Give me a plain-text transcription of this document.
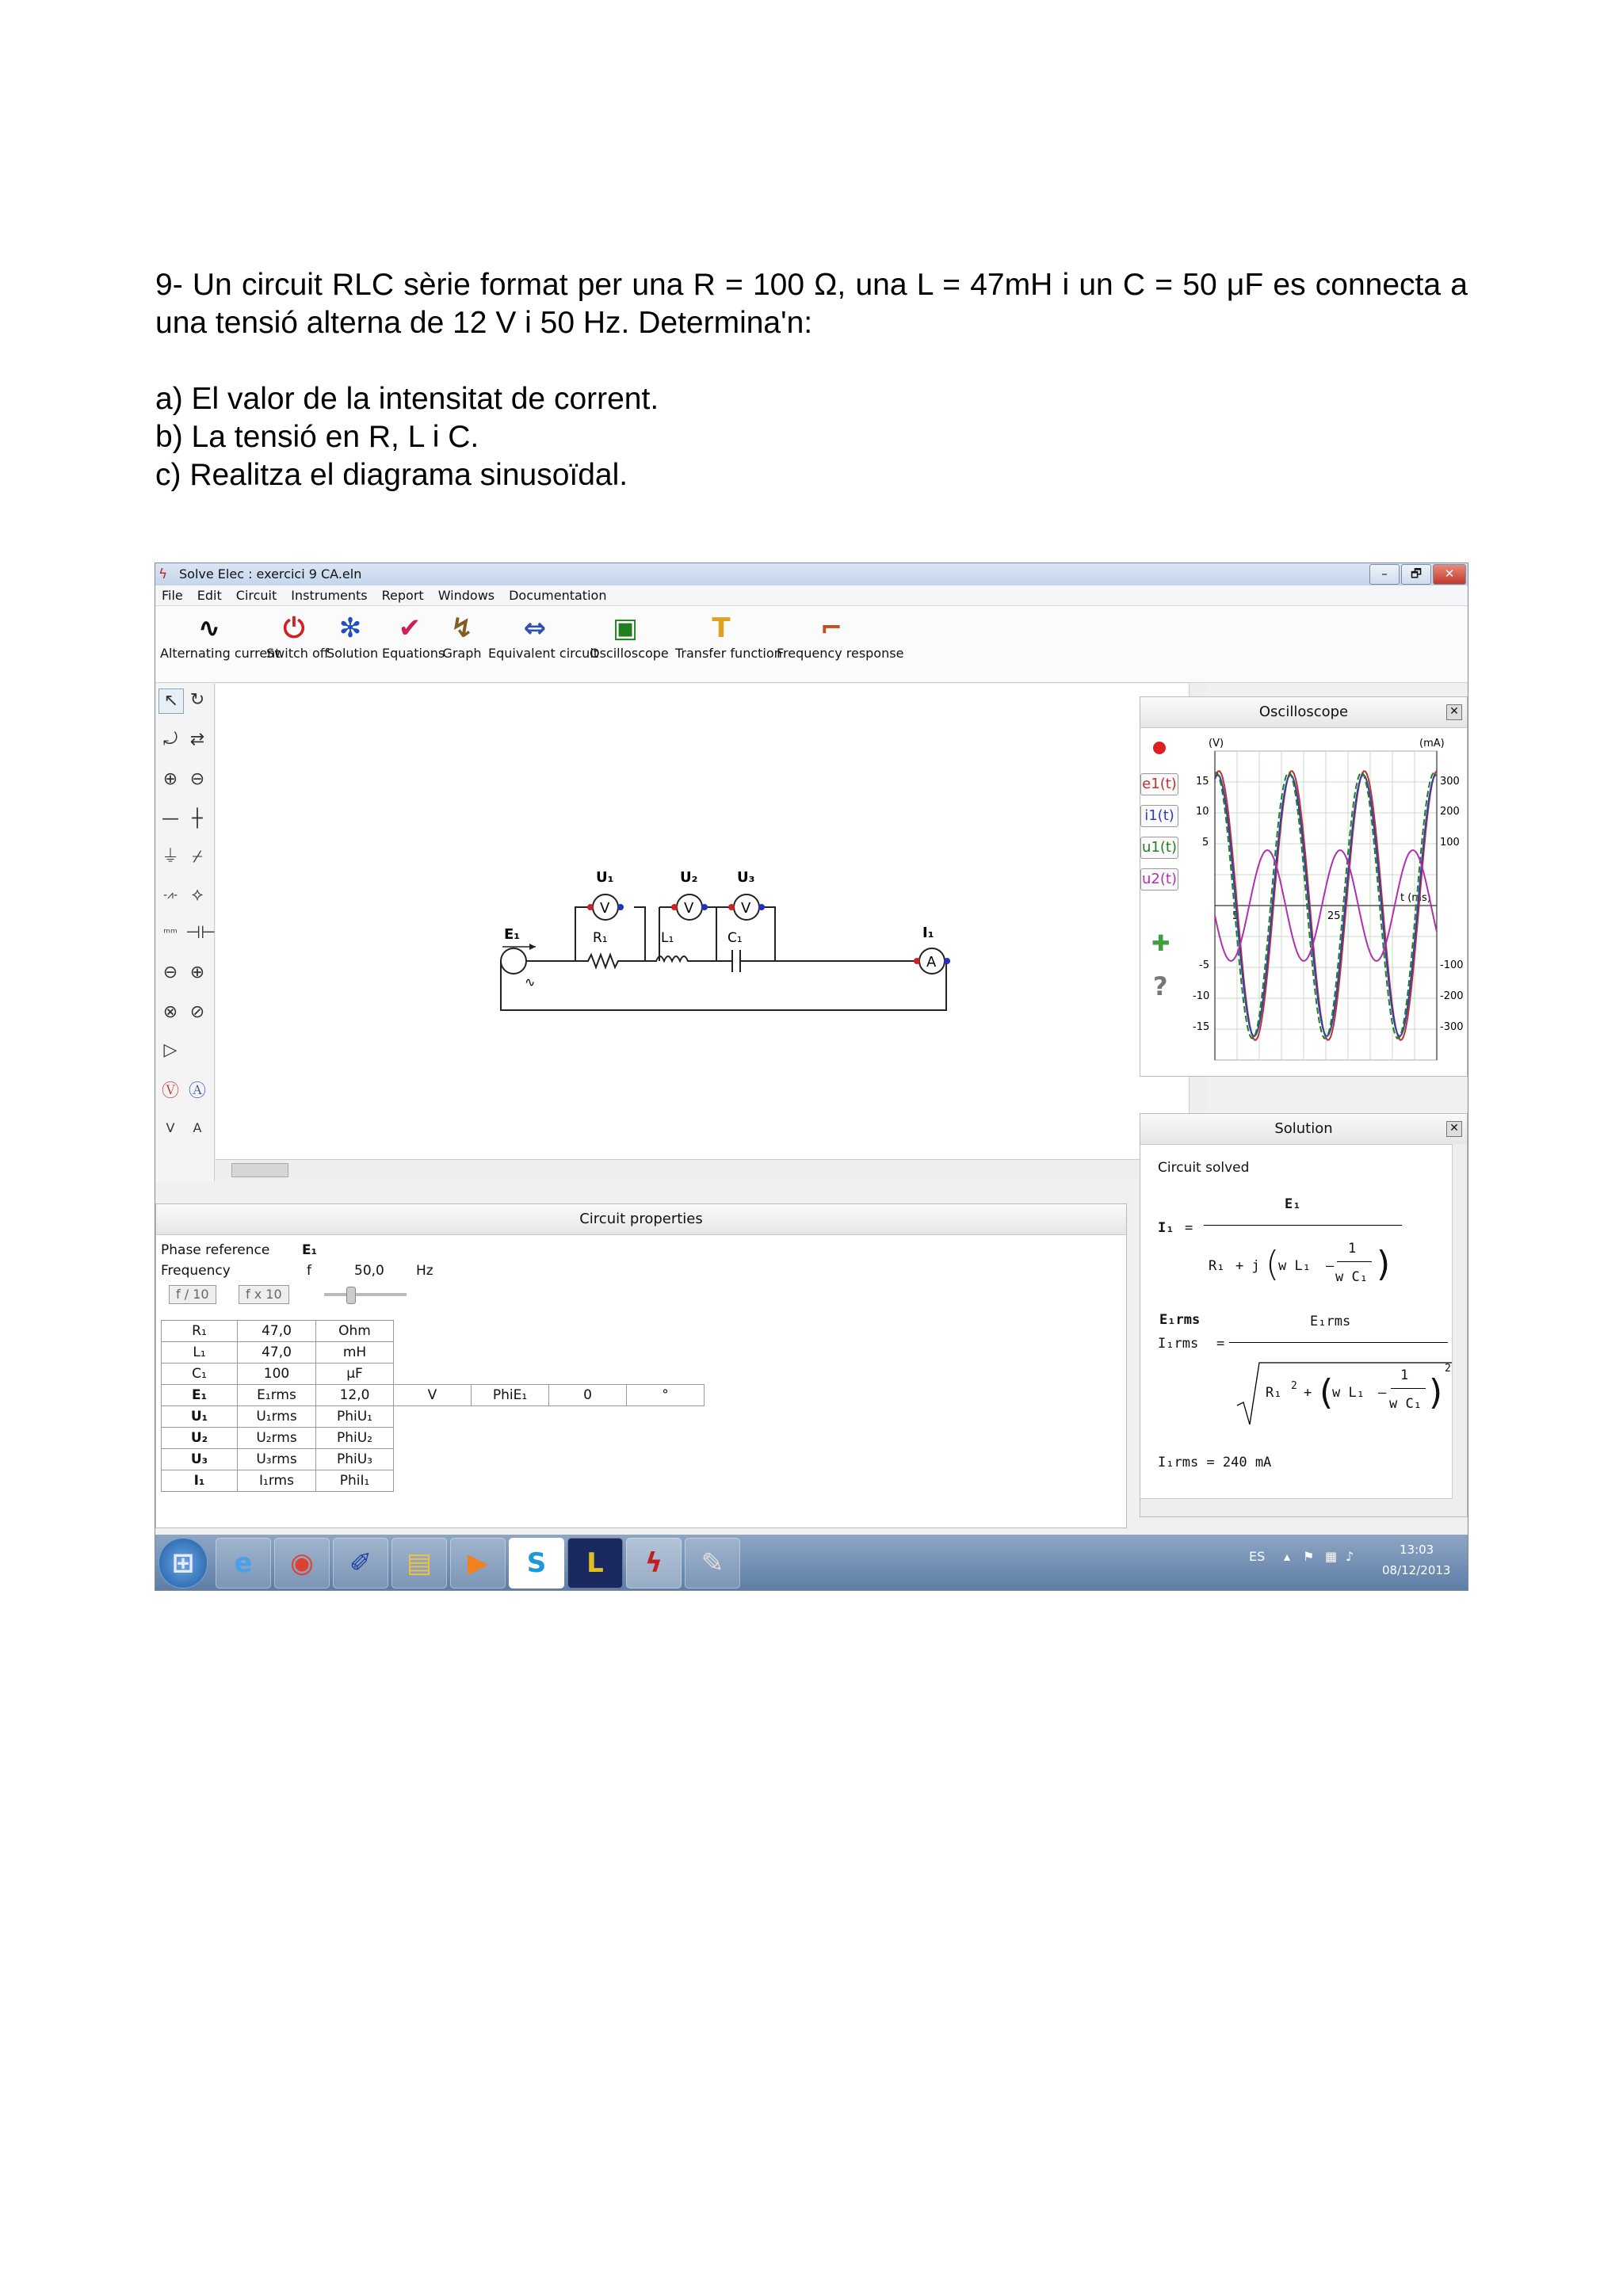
9- Un circuit RLC sèrie format per una R = 100 Ω, una L = 47mH i un C = 50 μF es connecta a una tensió alterna de 12 V i 50 Hz. Determina'n:

a) El valor de la intensitat de corrent.

b) La tensió en R, L i C.

c) Realitza el diagrama sinusoïdal.

ϟ Solve Elec : exercici 9 CA.eln	–	🗗	✕
File Edit Circuit Instruments Report Windows Documentation
∿
Alternating current
⏻
Switch off
✻
Solution
✔
Equations
↯
Graph
⇔
Equivalent circuit
▣
Oscilloscope
T
Transfer function
⌐
Frequency response
↖ ↻
⤾ ⇄
⊕ ⊖
— ┼
⏚ ⌿
-⩘- ⟡
ᵐᵐ ⊣⊢
⊖ ⊕
⊗ ⊘
▷
Ⓥ Ⓐ
V	A
∿
E₁	R₁	L₁	C₁
V
U₁
V
U₂
V
U₃
A
I₁
Circuit properties
Phase reference E₁
Frequency	f	50,0 Hz
f / 10	f x 10
R₁	47,0	Ohm				
L₁	47,0	mH				
C₁	100	μF				
E₁	E₁rms	12,0	V	PhiE₁	0	°
U₁	U₁rms	PhiU₁				
U₂	U₂rms	PhiU₂				
U₃	U₃rms	PhiU₃				
I₁	I₁rms	PhiI₁				
Oscilloscope	✕
e1(t)
i1(t)
u1(t)
u2(t)
✚
?
(V)	(mA)
15
10
5
-5
-10
-15
300
200
100
-100
-200
-300
5	25
t (ms)
Solution	✕
Circuit solved
I₁ =
E₁
R₁ + j (
w L₁ –
1
w C₁ )
E₁rms
I₁rms =
E₁rms
R₁ 2 + (
w L₁ –
1
w C₁ )
2
I₁rms = 240 mA
⊞	e	◉	✐	▤	▶	S	L	ϟ	✎	ES ▴ ⚑ ▦ ♪	13:03
08/12/2013
